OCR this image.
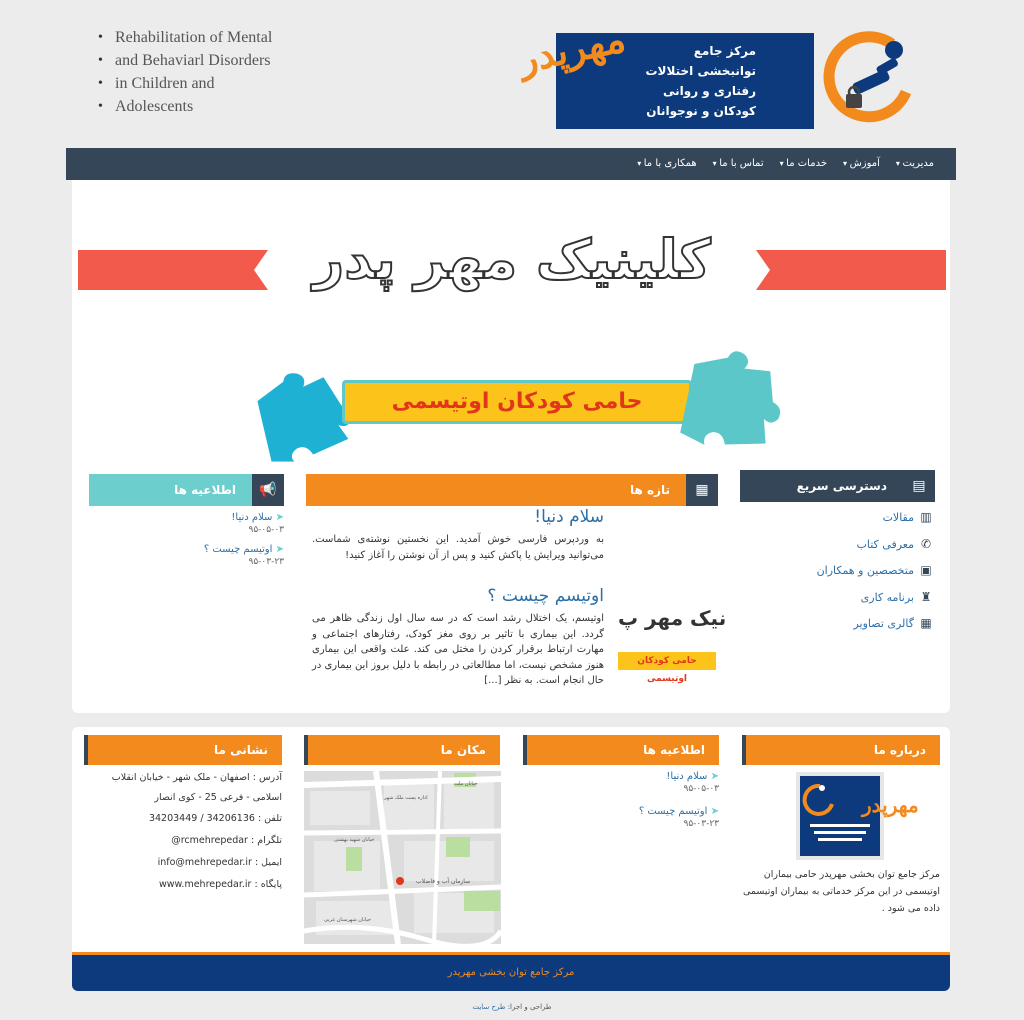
• Rehabilitation of Mental
• and Behaviarl Disorders
• in Children and
• Adolescents
مرکز جامع
توانبخشی اختلالات
رفتاری و روانی
کودکان و نوجوانان
مهرپدر
مدیریت ▾
آموزش ▾
خدمات ما ▾
تماس با ما ▾
همکاری با ما ▾
کلینیک مهر پدر
حامی کودکان اوتیسمی
اطلاعیه ها	📢
➤ سلام دنیا!
۹۵-۰۵-۰۳
➤ اوتیسم چیست ؟
۹۵-۰۳-۲۳
تازه ها	▦
سلام دنیا!
به وردپرس فارسی خوش آمدید. این نخستین نوشته‌ی شماست. می‌توانید ویرایش یا پاکش کنید و پس از آن نوشتن را آغاز کنید!
اوتیسم چیست ؟
اوتیسم، یک اختلال رشد است که در سه سال اول زندگی ظاهر می گردد. این بیماری با تاثیر بر روی مغز کودک، رفتارهای اجتماعی و مهارت ارتباط برقرار کردن را مختل می کند. علت واقعی این بیماری هنوز مشخص نیست، اما مطالعاتی در رابطه با دلیل بروز این بیماری در حال انجام است. به نظر [...]
نیک مهر پ
حامی کودکان اوتیسمی
دسترسی سریع	▤
▥مقالات
✆معرفی کتاب
▣متخصصین و همکاران
♜برنامه کاری
▦گالری تصاویر
نشانی ما
آدرس : اصفهان - ملک شهر - خیابان انقلاب اسلامی - فرعی 25 - کوی انصار
تلفن : 34206136 / 34203449
تلگرام : @rcmehrepedar
ایمیل : info@mehrepedar.ir
پایگاه : www.mehrepedar.ir
مکان ما
سازمان آب و فاضلاب
اداره پست ملک شهر
خیابان ملت
خیابان شهرستان غربی
خیابان شهید بهشتی
اطلاعیه ها
➤ سلام دنیا!
۹۵-۰۵-۰۳
➤ اوتیسم چیست ؟
۹۵-۰۳-۲۳
درباره ما
مهرپدر
مرکز جامع توان بخشی مهرپدر حامی بیماران اوتیسمی در این مرکز خدماتی به بیماران اوتیسمی داده می شود .
مرکز جامع توان بخشی مهرپدر
طراحی و اجرا: طرح سایت
